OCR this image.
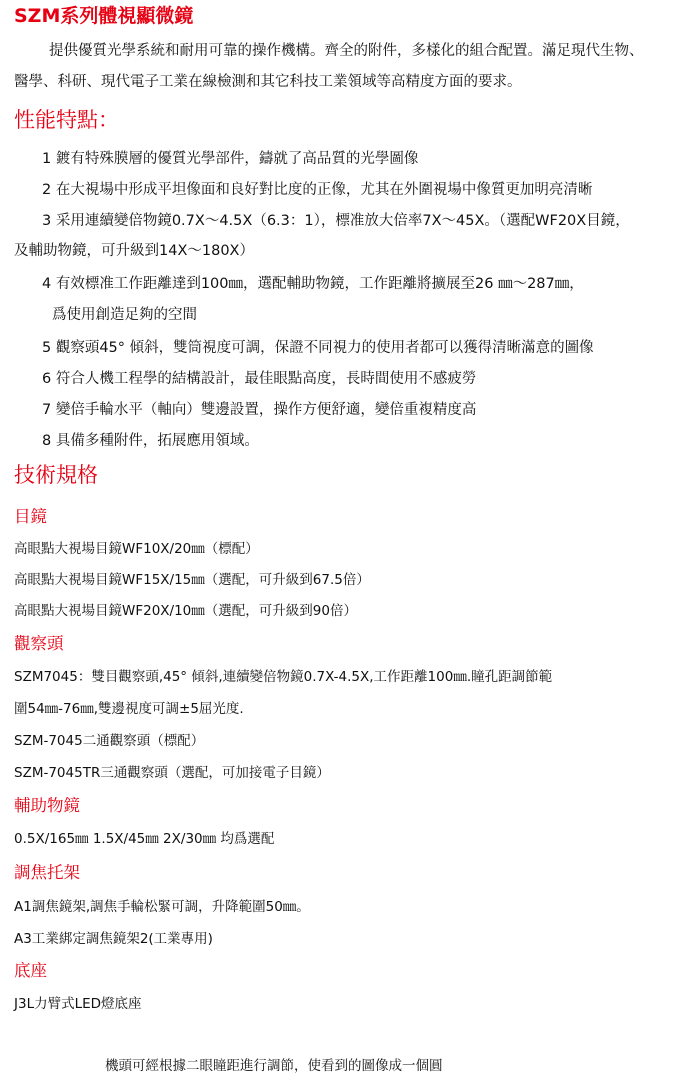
SZM系列體視顯微鏡
提供優質光學系統和耐用可靠的操作機構。齊全的附件，多樣化的組合配置。滿足現代生物、
醫學、科研、現代電子工業在線檢測和其它科技工業領域等高精度方面的要求。
性能特點：
1 鍍有特殊膜層的優質光學部件，鑄就了高品質的光學圖像
2 在大視場中形成平坦像面和良好對比度的正像，尤其在外圍視場中像質更加明亮清晰
3 采用連續變倍物鏡0.7X～4.5X（6.3：1），標准放大倍率7X～45X。（選配WF20X目鏡，
及輔助物鏡，可升級到14X～180X）
4 有效標准工作距離達到100㎜，選配輔助物鏡，工作距離將擴展至26 ㎜～287㎜，
爲使用創造足夠的空間
5 觀察頭45° 傾斜，雙筒視度可調，保證不同視力的使用者都可以獲得清晰滿意的圖像
6 符合人機工程學的結構設計，最佳眼點高度，長時間使用不感疲勞
7 變倍手輪水平（軸向）雙邊設置，操作方便舒適，變倍重複精度高
8 具備多種附件，拓展應用領域。
技術規格
目鏡
高眼點大視場目鏡WF10X/20㎜（標配）
高眼點大視場目鏡WF15X/15㎜（選配，可升級到67.5倍）
高眼點大視場目鏡WF20X/10㎜（選配，可升級到90倍）
觀察頭
SZM7045：雙目觀察頭,45° 傾斜,連續變倍物鏡0.7X-4.5X,工作距離100㎜.瞳孔距調節範
圍54㎜-76㎜,雙邊視度可調±5屈光度.
SZM-7045二通觀察頭（標配）
SZM-7045TR三通觀察頭（選配，可加接電子目鏡）
輔助物鏡
0.5X/165㎜ 1.5X/45㎜ 2X/30㎜ 均爲選配
調焦托架
A1調焦鏡架,調焦手輪松緊可調，升降範圍50㎜。
A3工業綁定調焦鏡架2(工業專用)
底座
J3L力臂式LED燈底座
機頭可經根據二眼瞳距進行調節，使看到的圖像成一個圓
